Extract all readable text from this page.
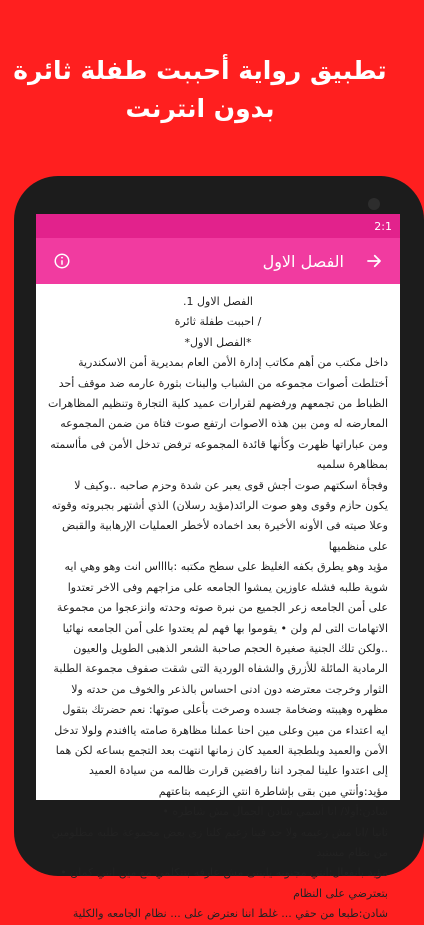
تطبيق رواية أحببت طفلة ثائرة
بدون انترنت
2:1
الفصل الاول

الفصل الاول 1.

/ احببت طفلة ثائرة

*الفصل الاول*

داخل مكتب من أهم مكاتب إدارة الأمن العام بمديرية أمن الاسكندرية أختلطت أصوات مجموعه من الشباب والبنات بثورة عارمه ضد موقف أحد الظباط من تجمعهم ورفضهم لقرارات عميد كلية التجارة وتنظيم المظاهرات المعارضه له ومن بين هذه الاصوات ارتفع صوت فتاة من ضمن المجموعه ومن عباراتها ظهرت وكأنها قائدة المجموعه ترفض تدخل الأمن فى مأاسمته بمظاهرة سلميه

وفجأة اسكتهم صوت أجش قوى يعبر عن شدة وحزم صاحبه ..وكيف لا يكون حازم وقوى وهو صوت الرائد(مؤيد رسلان) الذي أشتهر بجبروته وقوته وعلا صيته فى الأونه الأخيرة بعد اخماده لأخطر العمليات الإرهابية والقبض على منظميها

مؤيد وهو يطرق بكفه الغليظ على سطح مكتبه :بااااس انت وهو وهي ايه شوية طلبه فشله عاوزين يمشوا الجامعه على مزاجهم وفى الاخر تعتدوا على أمن الجامعه زعر الجميع من نبرة صوته وحدته وانزعجوا من مجموعة الاتهامات التى لم ولن • يقوموا بها فهم لم يعتدوا على أمن الجامعه نهائيا ..ولكن تلك الجنية صغيرة الحجم صاحبة الشعر الذهبى الطويل والعيون الرمادية المائلة للأزرق والشفاه الوردية التى شقت صفوف مجموعة الطلبة الثوار وخرجت معترضه دون ادنى احساس بالذعر والخوف من حدته ولا مظهره وهيبته وضخامة جسده وصرخت بأعلى صوتها: نعم حضرتك بتقول ايه اعتداء من مين وعلى مين احنا عملنا مظاهرة صامته ياافندم ولولا تدخل الأمن والعميد وبلطجية العميد كان زمانها انتهت بعد التجمع بساعه لكن هما إلى اعتدوا علينا لمجرد اننا رافضين قرارت ظالمه من سيادة العميد مؤيد:وأنتي مين بقى بإشاطرة انتي الزعيمه بتاعتهم

شادن:أولا/ انا أسمي شادن الجمال مش شاطره •

ثانيا /انا مش زعيمه ولا حد فينا زعيم كلنا زى بعض مجموعة طلبه مظلومين من نظام مستبد

مؤيد بانفعال:انتي مجنونه يابنتى مش عارفه بتتكلمي مع مين انتي كمان • بتعترضي على النظام

شادن:طبعا من حقي ... غلط اننا نعترض على ... نظام الجامعه والكلية
